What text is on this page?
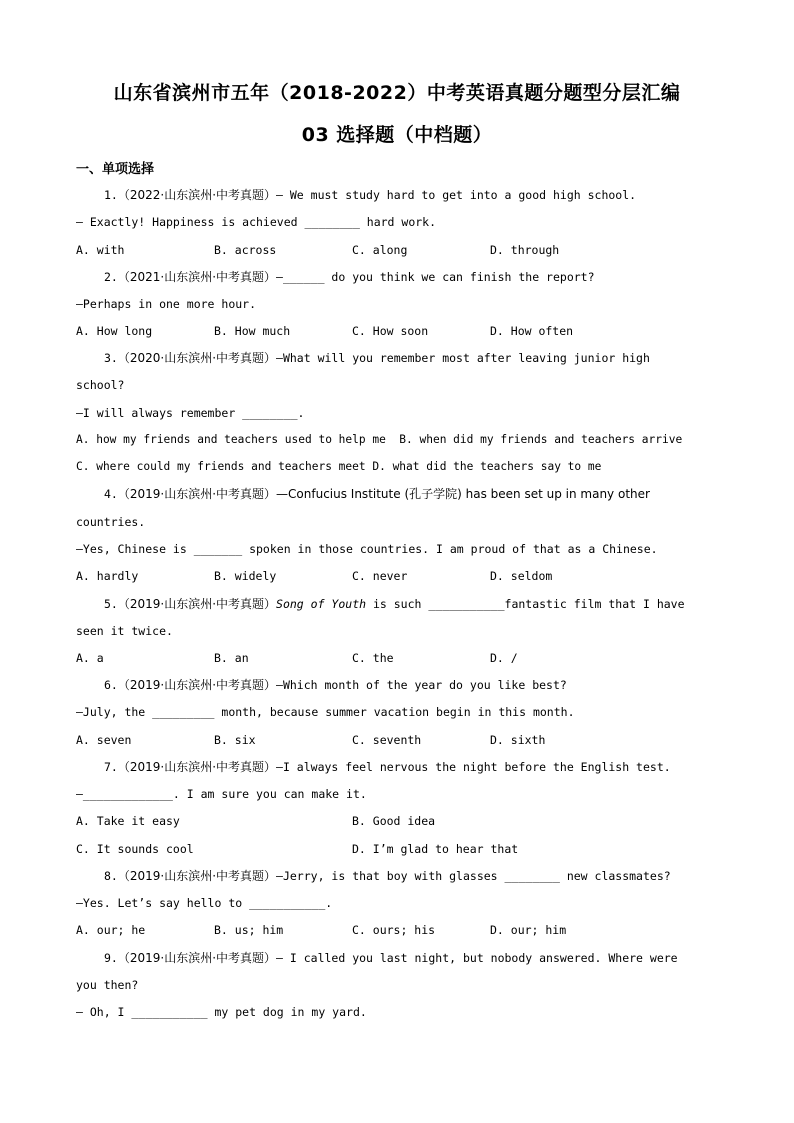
山东省滨州市五年（2018-2022）中考英语真题分题型分层汇编
03 选择题（中档题）
一、单项选择
1.（2022·山东滨州·中考真题）— We must study hard to get into a good high school.
— Exactly! Happiness is achieved ________ hard work.
A. with	B. across	C. along	D. through
2.（2021·山东滨州·中考真题）—______ do you think we can finish the report?
—Perhaps in one more hour.
A. How long	B. How much	C. How soon	D. How often
3.（2020·山东滨州·中考真题）—What will you remember most after leaving junior high
school?
—I will always remember ________.
A. how my friends and teachers used to help me  B. when did my friends and teachers arrive
C. where could my friends and teachers meet D. what did the teachers say to me
4.（2019·山东滨州·中考真题）—Confucius Institute (孔子学院) has been set up in many other
countries.
—Yes, Chinese is _______ spoken in those countries. I am proud of that as a Chinese.
A. hardly	B. widely	C. never	D. seldom
5.（2019·山东滨州·中考真题）Song of Youth is such ___________fantastic film that I have
seen it twice.
A. a	B. an	C. the	D. /
6.（2019·山东滨州·中考真题）—Which month of the year do you like best?
—July, the _________ month, because summer vacation begin in this month.
A. seven	B. six	C. seventh	D. sixth
7.（2019·山东滨州·中考真题）—I always feel nervous the night before the English test.
—_____________. I am sure you can make it.
A. Take it easy	B. Good idea
C. It sounds cool	D. I’m glad to hear that
8.（2019·山东滨州·中考真题）—Jerry, is that boy with glasses ________ new classmates?
—Yes. Let’s say hello to ___________.
A. our; he	B. us; him	C. ours; his	D. our; him
9.（2019·山东滨州·中考真题）— I called you last night, but nobody answered. Where were
you then?
— Oh, I ___________ my pet dog in my yard.
